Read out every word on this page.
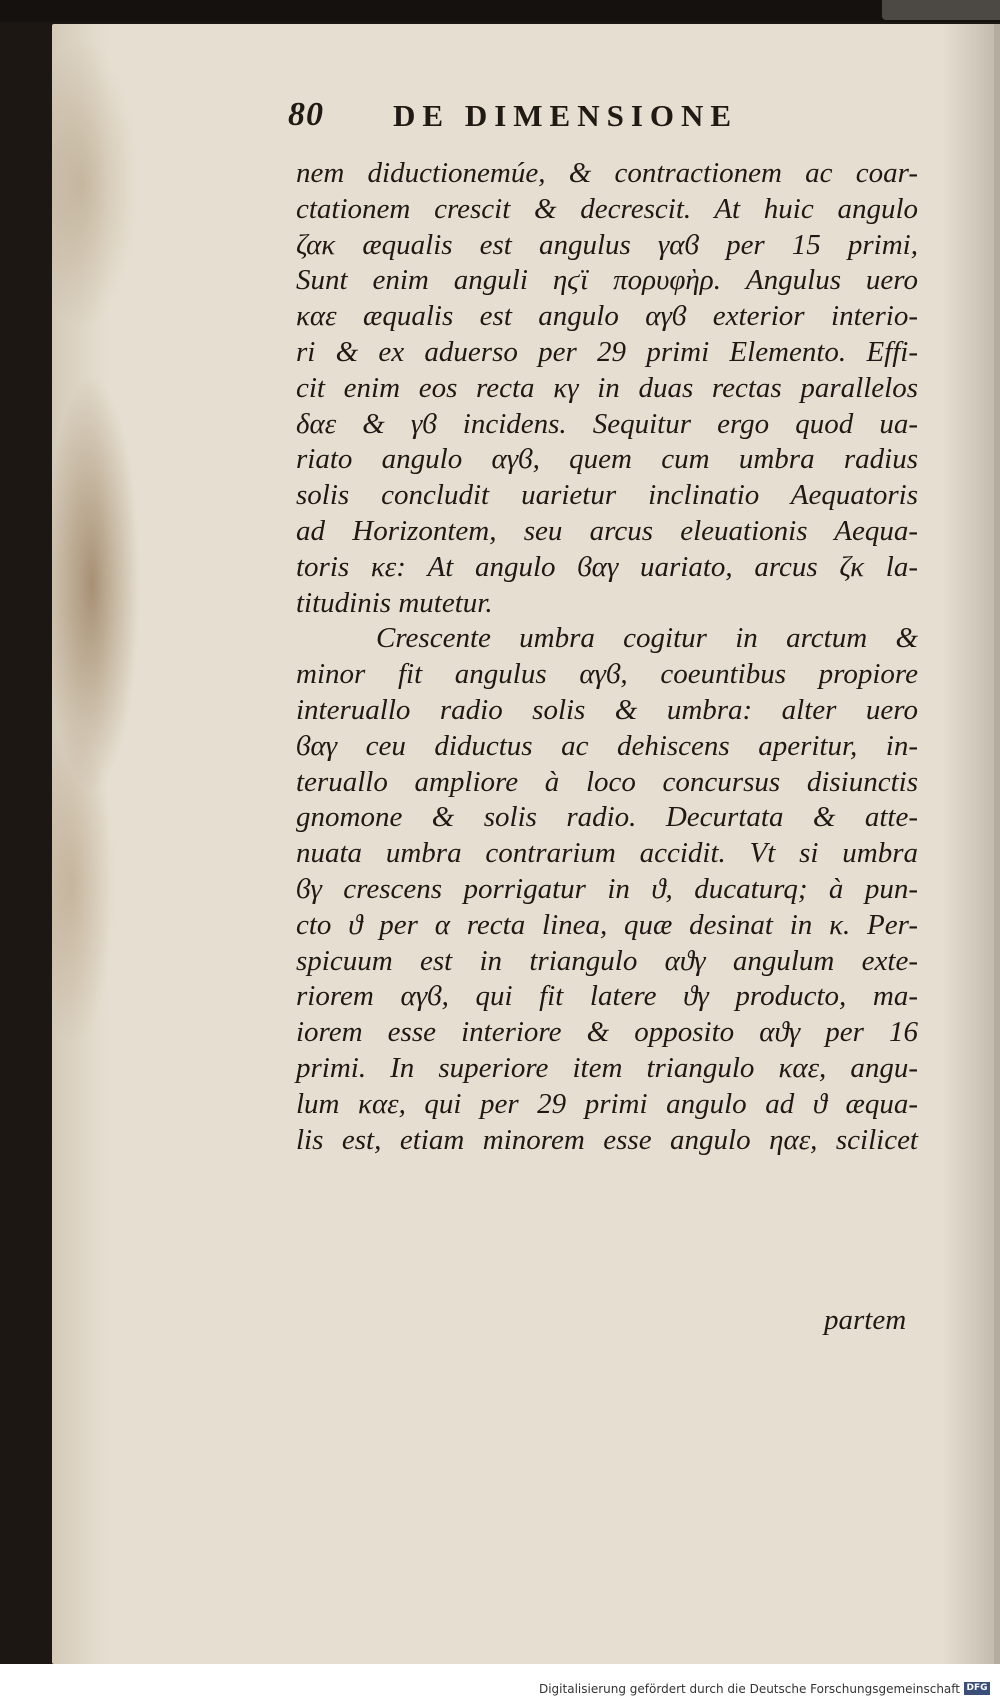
80 DE DIMENSIONE
nem diductionemúe, & contractionem ac coar-
ctationem crescit & decrescit. At huic angulo
ζακ æqualis est angulus γαϐ per 15 primi,
Sunt enim anguli ηϛϊ πορυφὴρ. Angulus uero
καε æqualis est angulo αγϐ exterior interio-
ri & ex aduerso per 29 primi Elemento. Effi-
cit enim eos recta κγ in duas rectas parallelos
δαε & γϐ incidens. Sequitur ergo quod ua-
riato angulo αγϐ, quem cum umbra radius
solis concludit uarietur inclinatio Aequatoris
ad Horizontem, seu arcus eleuationis Aequa-
toris κε: At angulo ϐαγ uariato, arcus ζκ la-
titudinis mutetur.
Crescente umbra cogitur in arctum &
minor fit angulus αγϐ, coeuntibus propiore
interuallo radio solis & umbra: alter uero
ϐαγ ceu diductus ac dehiscens aperitur, in-
teruallo ampliore à loco concursus disiunctis
gnomone & solis radio. Decurtata & atte-
nuata umbra contrarium accidit. Vt si umbra
ϐγ crescens porrigatur in ϑ, ducaturq; à pun-
cto ϑ per α recta linea, quæ desinat in κ. Per-
spicuum est in triangulo αϑγ angulum exte-
riorem αγϐ, qui fit latere ϑγ producto, ma-
iorem esse interiore & opposito αϑγ per 16
primi. In superiore item triangulo καε, angu-
lum καε, qui per 29 primi angulo ad ϑ æqua-
lis est, etiam minorem esse angulo ηαε, scilicet
partem
Digitalisierung gefördert durch die Deutsche Forschungsgemeinschaft DFG
